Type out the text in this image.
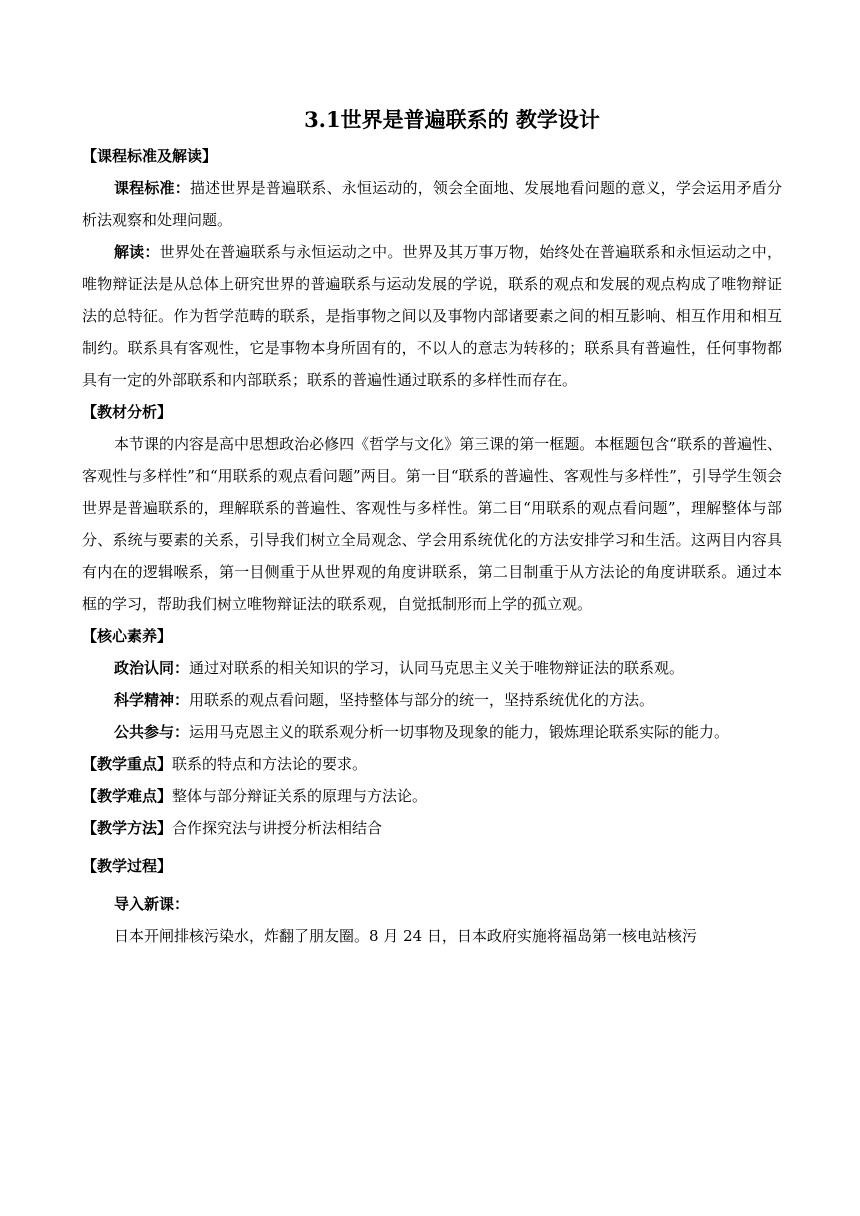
3.1世界是普遍联系的 教学设计
【课程标准及解读】

课程标准：描述世界是普遍联系、永恒运动的，领会全面地、发展地看问题的意义，学会运用矛盾分析法观察和处理问题。

解读：世界处在普遍联系与永恒运动之中。世界及其万事万物，始终处在普遍联系和永恒运动之中，唯物辩证法是从总体上研究世界的普遍联系与运动发展的学说，联系的观点和发展的观点构成了唯物辩证法的总特征。作为哲学范畴的联系，是指事物之间以及事物内部诸要素之间的相互影响、相互作用和相互制约。联系具有客观性，它是事物本身所固有的，不以人的意志为转移的；联系具有普遍性，任何事物都具有一定的外部联系和内部联系；联系的普遍性通过联系的多样性而存在。

【教材分析】

本节课的内容是高中思想政治必修四《哲学与文化》第三课的第一框题。本框题包含“联系的普遍性、客观性与多样性”和“用联系的观点看问题”两目。第一目“联系的普遍性、客观性与多样性”，引导学生领会世界是普遍联系的，理解联系的普遍性、客观性与多样性。第二目“用联系的观点看问题”，理解整体与部分、系统与要素的关系，引导我们树立全局观念、学会用系统优化的方法安排学习和生活。这两目内容具有内在的逻辑喉系，第一目侧重于从世界观的角度讲联系，第二目制重于从方法论的角度讲联系。通过本框的学习，帮助我们树立唯物辩证法的联系观，自觉抵制形而上学的孤立观。

【核心素养】

政治认同：通过对联系的相关知识的学习，认同马克思主义关于唯物辩证法的联系观。

科学精神：用联系的观点看问题，坚持整体与部分的统一，坚持系统优化的方法。

公共参与：运用马克恩主义的联系观分析一切事物及现象的能力，锻炼理论联系实际的能力。

【教学重点】联系的特点和方法论的要求。

【教学难点】整体与部分辩证关系的原理与方法论。

【教学方法】合作探究法与讲授分析法相结合

【教学过程】

导入新课：

日本开闸排核污染水，炸翻了朋友圈。8 月 24 日，日本政府实施将福岛第一核电站核污
